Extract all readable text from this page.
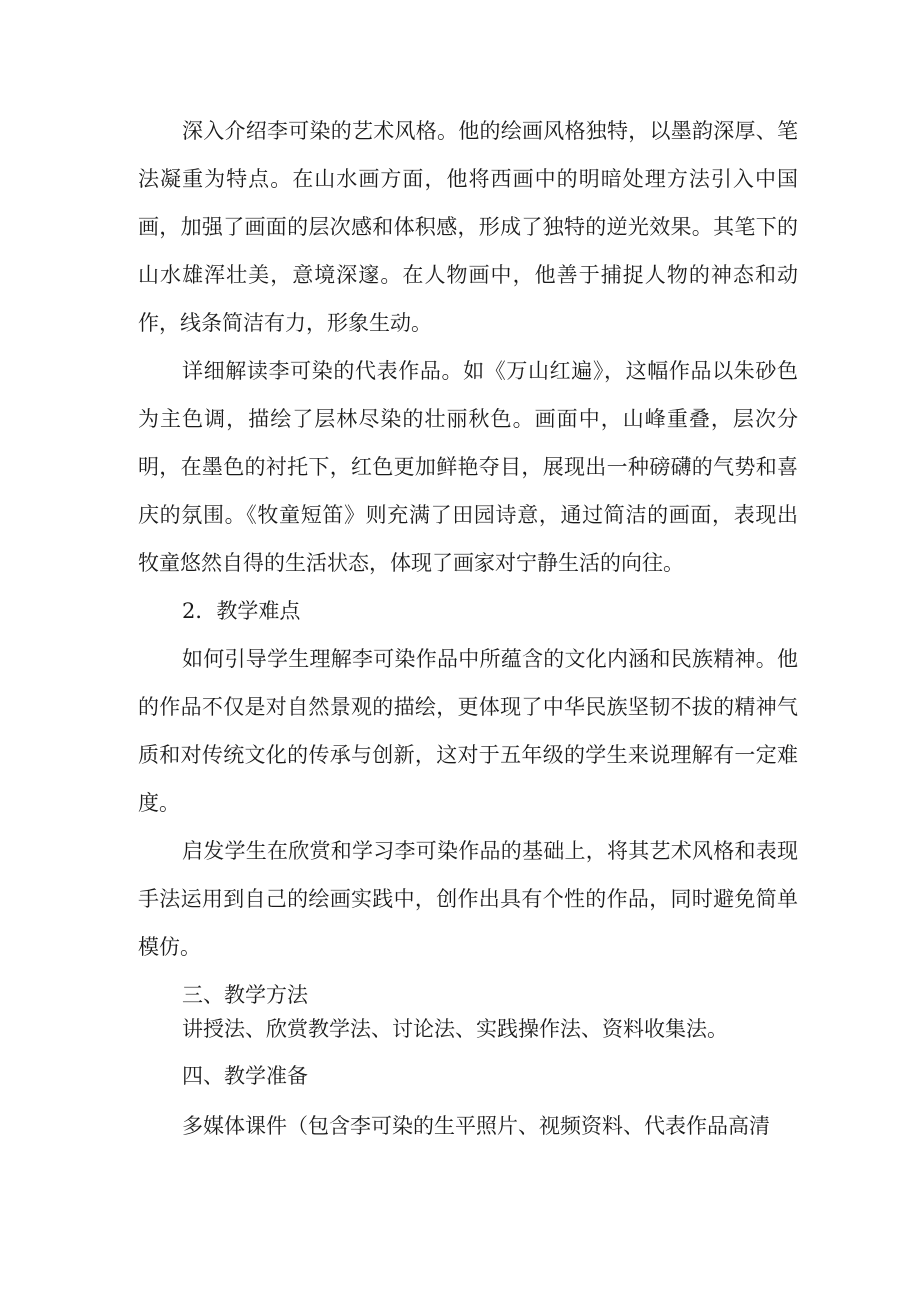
深入介绍李可染的艺术风格。他的绘画风格独特，以墨韵深厚、笔法凝重为特点。在山水画方面，他将西画中的明暗处理方法引入中国画，加强了画面的层次感和体积感，形成了独特的逆光效果。其笔下的山水雄浑壮美，意境深邃。在人物画中，他善于捕捉人物的神态和动作，线条简洁有力，形象生动。

详细解读李可染的代表作品。如《万山红遍》，这幅作品以朱砂色为主色调，描绘了层林尽染的壮丽秋色。画面中，山峰重叠，层次分明，在墨色的衬托下，红色更加鲜艳夺目，展现出一种磅礴的气势和喜庆的氛围。《牧童短笛》则充满了田园诗意，通过简洁的画面，表现出牧童悠然自得的生活状态，体现了画家对宁静生活的向往。

2．教学难点

如何引导学生理解李可染作品中所蕴含的文化内涵和民族精神。他的作品不仅是对自然景观的描绘，更体现了中华民族坚韧不拔的精神气质和对传统文化的传承与创新，这对于五年级的学生来说理解有一定难度。

启发学生在欣赏和学习李可染作品的基础上，将其艺术风格和表现手法运用到自己的绘画实践中，创作出具有个性的作品，同时避免简单模仿。

三、教学方法

讲授法、欣赏教学法、讨论法、实践操作法、资料收集法。

四、教学准备

多媒体课件（包含李可染的生平照片、视频资料、代表作品高清
